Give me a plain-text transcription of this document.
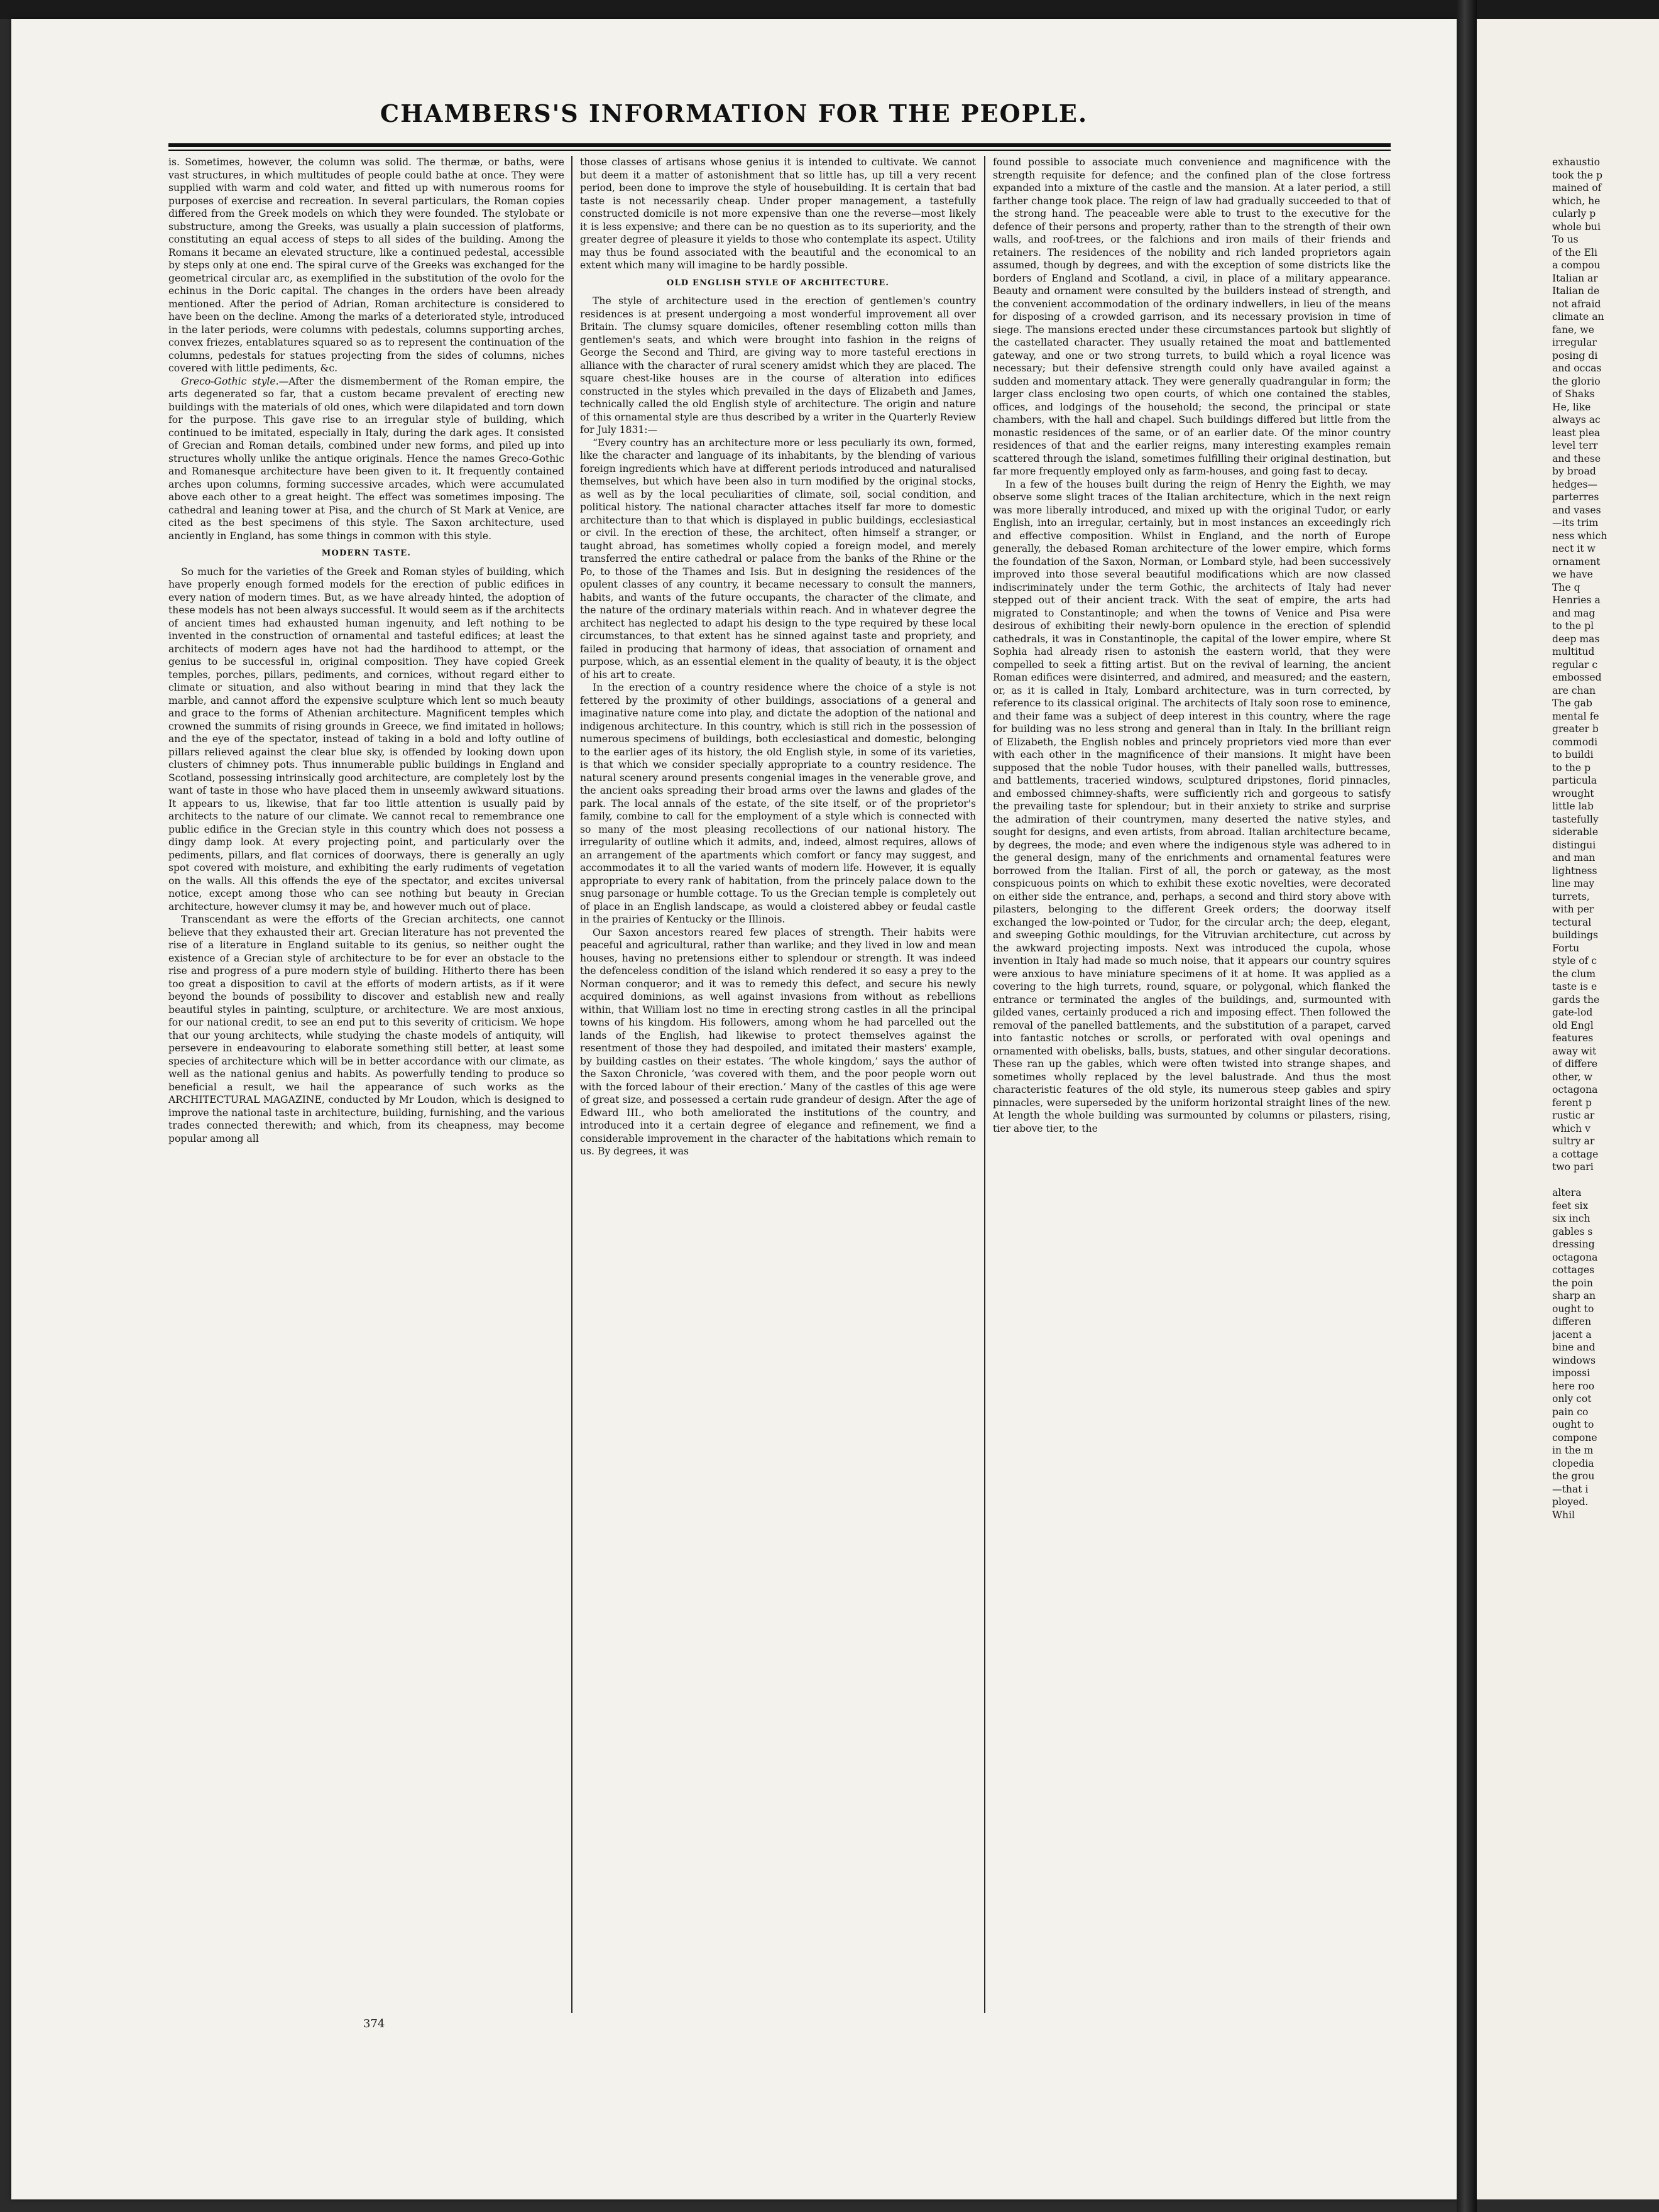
CHAMBERS'S INFORMATION FOR THE PEOPLE.

is. Sometimes, however, the column was solid. The thermæ, or baths, were vast structures, in which multitudes of people could bathe at once. They were supplied with warm and cold water, and fitted up with numerous rooms for purposes of exercise and recreation. In several particulars, the Roman copies differed from the Greek models on which they were founded. The stylobate or substructure, among the Greeks, was usually a plain succession of platforms, constituting an equal access of steps to all sides of the building. Among the Romans it became an elevated structure, like a continued pedestal, accessible by steps only at one end. The spiral curve of the Greeks was exchanged for the geometrical circular arc, as exemplified in the substitution of the ovolo for the echinus in the Doric capital. The changes in the orders have been already mentioned. After the period of Adrian, Roman architecture is considered to have been on the decline. Among the marks of a deteriorated style, introduced in the later periods, were columns with pedestals, columns supporting arches, convex friezes, entablatures squared so as to represent the continuation of the columns, pedestals for statues projecting from the sides of columns, niches covered with little pediments, &c.

Greco-Gothic style.—After the dismemberment of the Roman empire, the arts degenerated so far, that a custom became prevalent of erecting new buildings with the materials of old ones, which were dilapidated and torn down for the purpose. This gave rise to an irregular style of building, which continued to be imitated, especially in Italy, during the dark ages. It consisted of Grecian and Roman details, combined under new forms, and piled up into structures wholly unlike the antique originals. Hence the names Greco-Gothic and Romanesque architecture have been given to it. It frequently contained arches upon columns, forming successive arcades, which were accumulated above each other to a great height. The effect was sometimes imposing. The cathedral and leaning tower at Pisa, and the church of St Mark at Venice, are cited as the best specimens of this style. The Saxon architecture, used anciently in England, has some things in common with this style.

MODERN TASTE.

So much for the varieties of the Greek and Roman styles of building, which have properly enough formed models for the erection of public edifices in every nation of modern times. But, as we have already hinted, the adoption of these models has not been always successful. It would seem as if the architects of ancient times had exhausted human ingenuity, and left nothing to be invented in the construction of ornamental and tasteful edifices; at least the architects of modern ages have not had the hardihood to attempt, or the genius to be successful in, original composition. They have copied Greek temples, porches, pillars, pediments, and cornices, without regard either to climate or situation, and also without bearing in mind that they lack the marble, and cannot afford the expensive sculpture which lent so much beauty and grace to the forms of Athenian architecture. Magnificent temples which crowned the summits of rising grounds in Greece, we find imitated in hollows; and the eye of the spectator, instead of taking in a bold and lofty outline of pillars relieved against the clear blue sky, is offended by looking down upon clusters of chimney pots. Thus innumerable public buildings in England and Scotland, possessing intrinsically good architecture, are completely lost by the want of taste in those who have placed them in unseemly awkward situations. It appears to us, likewise, that far too little attention is usually paid by architects to the nature of our climate. We cannot recal to remembrance one public edifice in the Grecian style in this country which does not possess a dingy damp look. At every projecting point, and particularly over the pediments, pillars, and flat cornices of doorways, there is generally an ugly spot covered with moisture, and exhibiting the early rudiments of vegetation on the walls. All this offends the eye of the spectator, and excites universal notice, except among those who can see nothing but beauty in Grecian architecture, however clumsy it may be, and however much out of place.

Transcendant as were the efforts of the Grecian architects, one cannot believe that they exhausted their art. Grecian literature has not prevented the rise of a literature in England suitable to its genius, so neither ought the existence of a Grecian style of architecture to be for ever an obstacle to the rise and progress of a pure modern style of building. Hitherto there has been too great a disposition to cavil at the efforts of modern artists, as if it were beyond the bounds of possibility to discover and establish new and really beautiful styles in painting, sculpture, or architecture. We are most anxious, for our national credit, to see an end put to this severity of criticism. We hope that our young architects, while studying the chaste models of antiquity, will persevere in endeavouring to elaborate something still better, at least some species of architecture which will be in better accordance with our climate, as well as the national genius and habits. As powerfully tending to produce so beneficial a result, we hail the appearance of such works as the ARCHITECTURAL MAGAZINE, conducted by Mr Loudon, which is designed to improve the national taste in architecture, building, furnishing, and the various trades connected therewith; and which, from its cheapness, may become popular among all

those classes of artisans whose genius it is intended to cultivate. We cannot but deem it a matter of astonishment that so little has, up till a very recent period, been done to improve the style of housebuilding. It is certain that bad taste is not necessarily cheap. Under proper management, a tastefully constructed domicile is not more expensive than one the reverse—most likely it is less expensive; and there can be no question as to its superiority, and the greater degree of pleasure it yields to those who contemplate its aspect. Utility may thus be found associated with the beautiful and the economical to an extent which many will imagine to be hardly possible.

OLD ENGLISH STYLE OF ARCHITECTURE.

The style of architecture used in the erection of gentlemen's country residences is at present undergoing a most wonderful improvement all over Britain. The clumsy square domiciles, oftener resembling cotton mills than gentlemen's seats, and which were brought into fashion in the reigns of George the Second and Third, are giving way to more tasteful erections in alliance with the character of rural scenery amidst which they are placed. The square chest-like houses are in the course of alteration into edifices constructed in the styles which prevailed in the days of Elizabeth and James, technically called the old English style of architecture. The origin and nature of this ornamental style are thus described by a writer in the Quarterly Review for July 1831:—

“Every country has an architecture more or less peculiarly its own, formed, like the character and language of its inhabitants, by the blending of various foreign ingredients which have at different periods introduced and naturalised themselves, but which have been also in turn modified by the original stocks, as well as by the local peculiarities of climate, soil, social condition, and political history. The national character attaches itself far more to domestic architecture than to that which is displayed in public buildings, ecclesiastical or civil. In the erection of these, the architect, often himself a stranger, or taught abroad, has sometimes wholly copied a foreign model, and merely transferred the entire cathedral or palace from the banks of the Rhine or the Po, to those of the Thames and Isis. But in designing the residences of the opulent classes of any country, it became necessary to consult the manners, habits, and wants of the future occupants, the character of the climate, and the nature of the ordinary materials within reach. And in whatever degree the architect has neglected to adapt his design to the type required by these local circumstances, to that extent has he sinned against taste and propriety, and failed in producing that harmony of ideas, that association of ornament and purpose, which, as an essential element in the quality of beauty, it is the object of his art to create.

In the erection of a country residence where the choice of a style is not fettered by the proximity of other buildings, associations of a general and imaginative nature come into play, and dictate the adoption of the national and indigenous architecture. In this country, which is still rich in the possession of numerous specimens of buildings, both ecclesiastical and domestic, belonging to the earlier ages of its history, the old English style, in some of its varieties, is that which we consider specially appropriate to a country residence. The natural scenery around presents congenial images in the venerable grove, and the ancient oaks spreading their broad arms over the lawns and glades of the park. The local annals of the estate, of the site itself, or of the proprietor's family, combine to call for the employment of a style which is connected with so many of the most pleasing recollections of our national history. The irregularity of outline which it admits, and, indeed, almost requires, allows of an arrangement of the apartments which comfort or fancy may suggest, and accommodates it to all the varied wants of modern life. However, it is equally appropriate to every rank of habitation, from the princely palace down to the snug parsonage or humble cottage. To us the Grecian temple is completely out of place in an English landscape, as would a cloistered abbey or feudal castle in the prairies of Kentucky or the Illinois.

Our Saxon ancestors reared few places of strength. Their habits were peaceful and agricultural, rather than warlike; and they lived in low and mean houses, having no pretensions either to splendour or strength. It was indeed the defenceless condition of the island which rendered it so easy a prey to the Norman conqueror; and it was to remedy this defect, and secure his newly acquired dominions, as well against invasions from without as rebellions within, that William lost no time in erecting strong castles in all the principal towns of his kingdom. His followers, among whom he had parcelled out the lands of the English, had likewise to protect themselves against the resentment of those they had despoiled, and imitated their masters' example, by building castles on their estates. ‘The whole kingdom,’ says the author of the Saxon Chronicle, ‘was covered with them, and the poor people worn out with the forced labour of their erection.’ Many of the castles of this age were of great size, and possessed a certain rude grandeur of design. After the age of Edward III., who both ameliorated the institutions of the country, and introduced into it a certain degree of elegance and refinement, we find a considerable improvement in the character of the habitations which remain to us. By degrees, it was

found possible to associate much convenience and magnificence with the strength requisite for defence; and the confined plan of the close fortress expanded into a mixture of the castle and the mansion. At a later period, a still farther change took place. The reign of law had gradually succeeded to that of the strong hand. The peaceable were able to trust to the executive for the defence of their persons and property, rather than to the strength of their own walls, and roof-trees, or the falchions and iron mails of their friends and retainers. The residences of the nobility and rich landed proprietors again assumed, though by degrees, and with the exception of some districts like the borders of England and Scotland, a civil, in place of a military appearance. Beauty and ornament were consulted by the builders instead of strength, and the convenient accommodation of the ordinary indwellers, in lieu of the means for disposing of a crowded garrison, and its necessary provision in time of siege. The mansions erected under these circumstances partook but slightly of the castellated character. They usually retained the moat and battlemented gateway, and one or two strong turrets, to build which a royal licence was necessary; but their defensive strength could only have availed against a sudden and momentary attack. They were generally quadrangular in form; the larger class enclosing two open courts, of which one contained the stables, offices, and lodgings of the household; the second, the principal or state chambers, with the hall and chapel. Such buildings differed but little from the monastic residences of the same, or of an earlier date. Of the minor country residences of that and the earlier reigns, many interesting examples remain scattered through the island, sometimes fulfilling their original destination, but far more frequently employed only as farm-houses, and going fast to decay.

In a few of the houses built during the reign of Henry the Eighth, we may observe some slight traces of the Italian architecture, which in the next reign was more liberally introduced, and mixed up with the original Tudor, or early English, into an irregular, certainly, but in most instances an exceedingly rich and effective composition. Whilst in England, and the north of Europe generally, the debased Roman architecture of the lower empire, which forms the foundation of the Saxon, Norman, or Lombard style, had been successively improved into those several beautiful modifications which are now classed indiscriminately under the term Gothic, the architects of Italy had never stepped out of their ancient track. With the seat of empire, the arts had migrated to Constantinople; and when the towns of Venice and Pisa were desirous of exhibiting their newly-born opulence in the erection of splendid cathedrals, it was in Constantinople, the capital of the lower empire, where St Sophia had already risen to astonish the eastern world, that they were compelled to seek a fitting artist. But on the revival of learning, the ancient Roman edifices were disinterred, and admired, and measured; and the eastern, or, as it is called in Italy, Lombard architecture, was in turn corrected, by reference to its classical original. The architects of Italy soon rose to eminence, and their fame was a subject of deep interest in this country, where the rage for building was no less strong and general than in Italy. In the brilliant reign of Elizabeth, the English nobles and princely proprietors vied more than ever with each other in the magnificence of their mansions. It might have been supposed that the noble Tudor houses, with their panelled walls, buttresses, and battlements, traceried windows, sculptured dripstones, florid pinnacles, and embossed chimney-shafts, were sufficiently rich and gorgeous to satisfy the prevailing taste for splendour; but in their anxiety to strike and surprise the admiration of their countrymen, many deserted the native styles, and sought for designs, and even artists, from abroad. Italian architecture became, by degrees, the mode; and even where the indigenous style was adhered to in the general design, many of the enrichments and ornamental features were borrowed from the Italian. First of all, the porch or gateway, as the most conspicuous points on which to exhibit these exotic novelties, were decorated on either side the entrance, and, perhaps, a second and third story above with pilasters, belonging to the different Greek orders; the doorway itself exchanged the low-pointed or Tudor, for the circular arch; the deep, elegant, and sweeping Gothic mouldings, for the Vitruvian architecture, cut across by the awkward projecting imposts. Next was introduced the cupola, whose invention in Italy had made so much noise, that it appears our country squires were anxious to have miniature specimens of it at home. It was applied as a covering to the high turrets, round, square, or polygonal, which flanked the entrance or terminated the angles of the buildings, and, surmounted with gilded vanes, certainly produced a rich and imposing effect. Then followed the removal of the panelled battlements, and the substitution of a parapet, carved into fantastic notches or scrolls, or perforated with oval openings and ornamented with obelisks, balls, busts, statues, and other singular decorations. These ran up the gables, which were often twisted into strange shapes, and sometimes wholly replaced by the level balustrade. And thus the most characteristic features of the old style, its numerous steep gables and spiry pinnacles, were superseded by the uniform horizontal straight lines of the new. At length the whole building was surmounted by columns or pilasters, rising, tier above tier, to the

374
exhaustio
took the p
mained of
which, he
cularly p
whole bui
To us
of the Eli
a compou
Italian ar
Italian de
not afraid
climate an
fane, we
irregular
posing di
and occas
the glorio
of Shaks
He, like
always ac
least plea
level terr
and these
by broad
hedges—
parterres
and vases
—its trim
ness which
nect it w
ornament
we have
The q
Henries a
and mag
to the pl
deep mas
multitud
regular c
embossed
are chan
The gab
mental fe
greater b
commodi
to buildi
to the p
particula
wrought
little lab
tastefully
siderable
distingui
and man
lightness
line may
turrets,
with per
tectural
buildings
Fortu
style of c
the clum
taste is e
gards the
gate-lod
old Engl
features
away wit
of differe
other, w
octagona
ferent p
rustic ar
which v
sultry ar
a cottage
two pari
altera
feet six
six inch
gables s
dressing
octagona
cottages
the poin
sharp an
ought to
differen
jacent a
bine and
windows
impossi
here roo
only cot
pain co
ought to
compone
in the m
clopedia
the grou
—that i
ployed.
Whil
